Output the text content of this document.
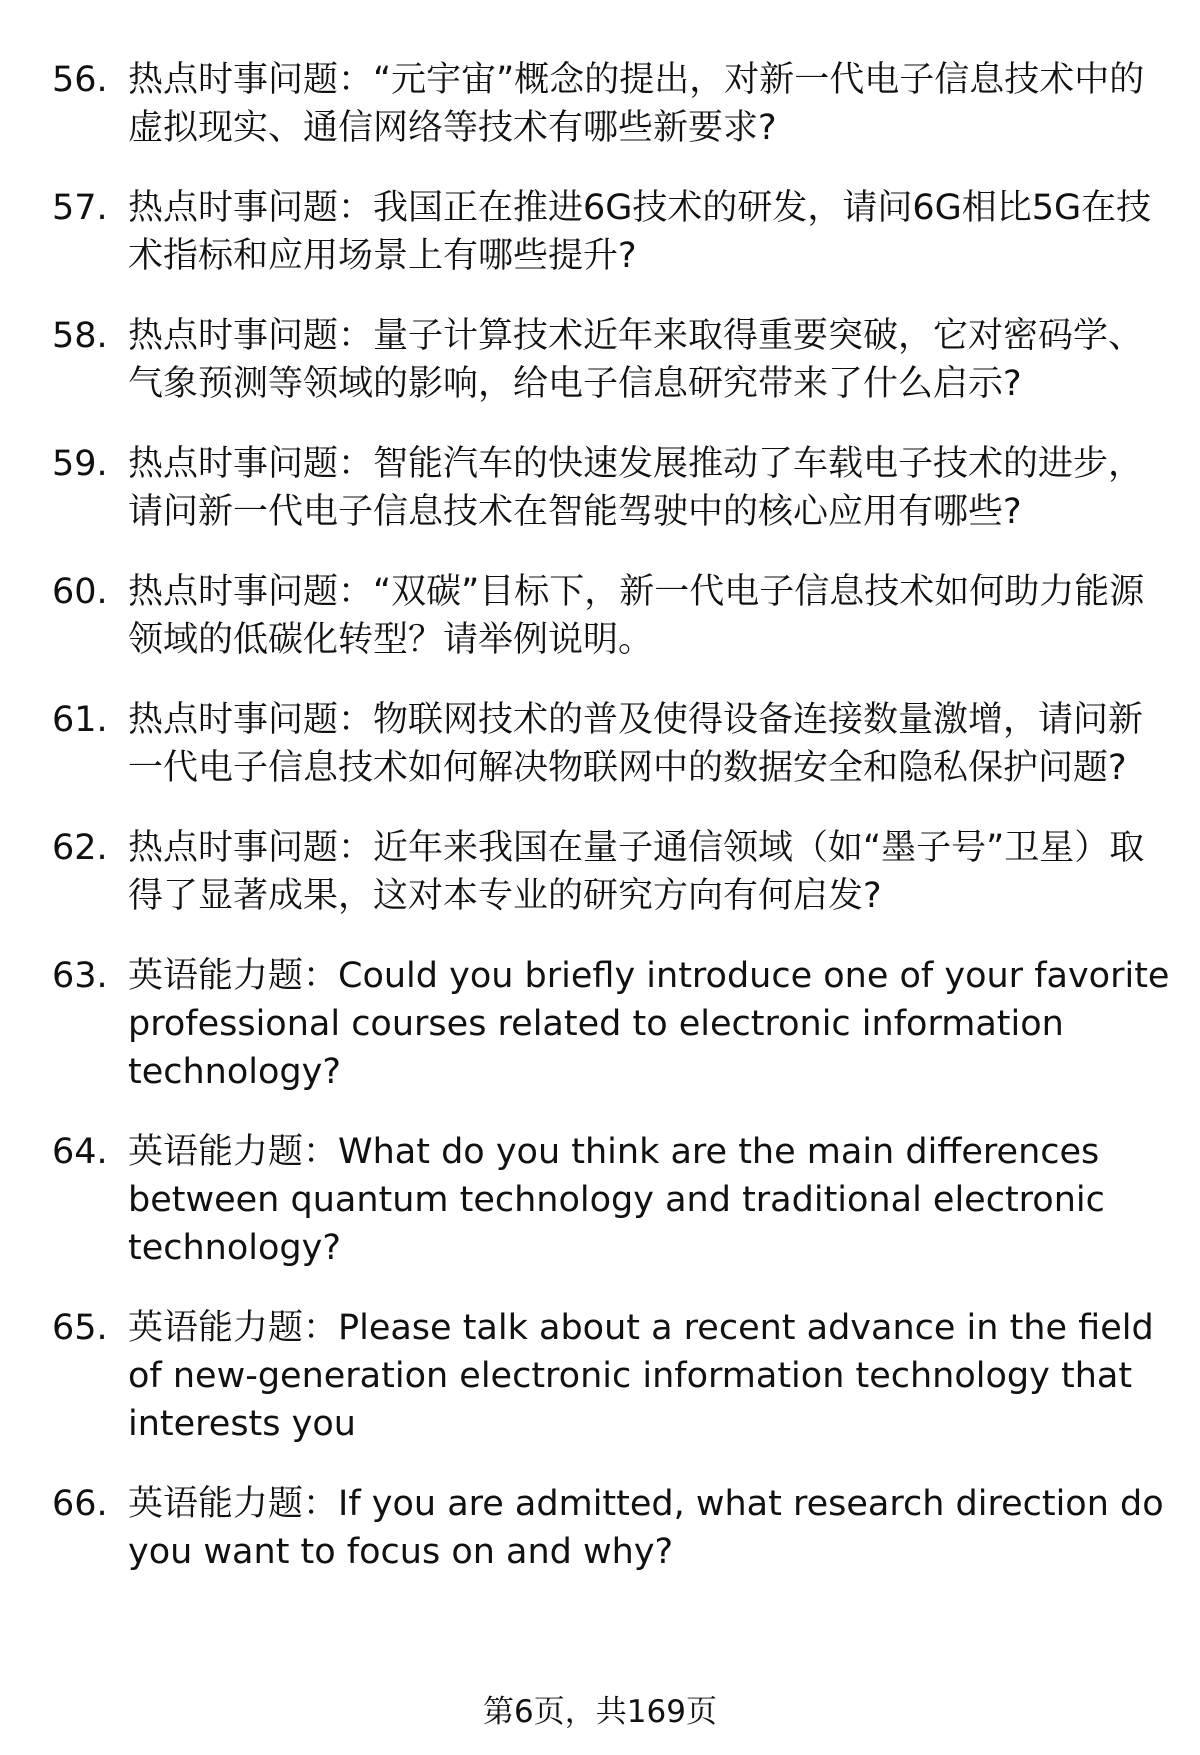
56. 热点时事问题：“元宇宙”概念的提出，对新一代电子信息技术中的虚拟现实、通信网络等技术有哪些新要求?
57. 热点时事问题：我国正在推进6G技术的研发，请问6G相比5G在技术指标和应用场景上有哪些提升?
58. 热点时事问题：量子计算技术近年来取得重要突破，它对密码学、气象预测等领域的影响，给电子信息研究带来了什么启示?
59. 热点时事问题：智能汽车的快速发展推动了车载电子技术的进步，请问新一代电子信息技术在智能驾驶中的核心应用有哪些?
60. 热点时事问题：“双碳”目标下，新一代电子信息技术如何助力能源领域的低碳化转型？请举例说明。
61. 热点时事问题：物联网技术的普及使得设备连接数量激增，请问新一代电子信息技术如何解决物联网中的数据安全和隐私保护问题?
62. 热点时事问题：近年来我国在量子通信领域（如“墨子号”卫星）取得了显著成果，这对本专业的研究方向有何启发?
63. 英语能力题：Could you briefly introduce one of your favorite professional courses related to electronic information technology?
64. 英语能力题：What do you think are the main differences between quantum technology and traditional electronic technology?
65. 英语能力题：Please talk about a recent advance in the field of new-generation electronic information technology that interests you
66. 英语能力题：If you are admitted, what research direction do you want to focus on and why?
第6页，共169页
